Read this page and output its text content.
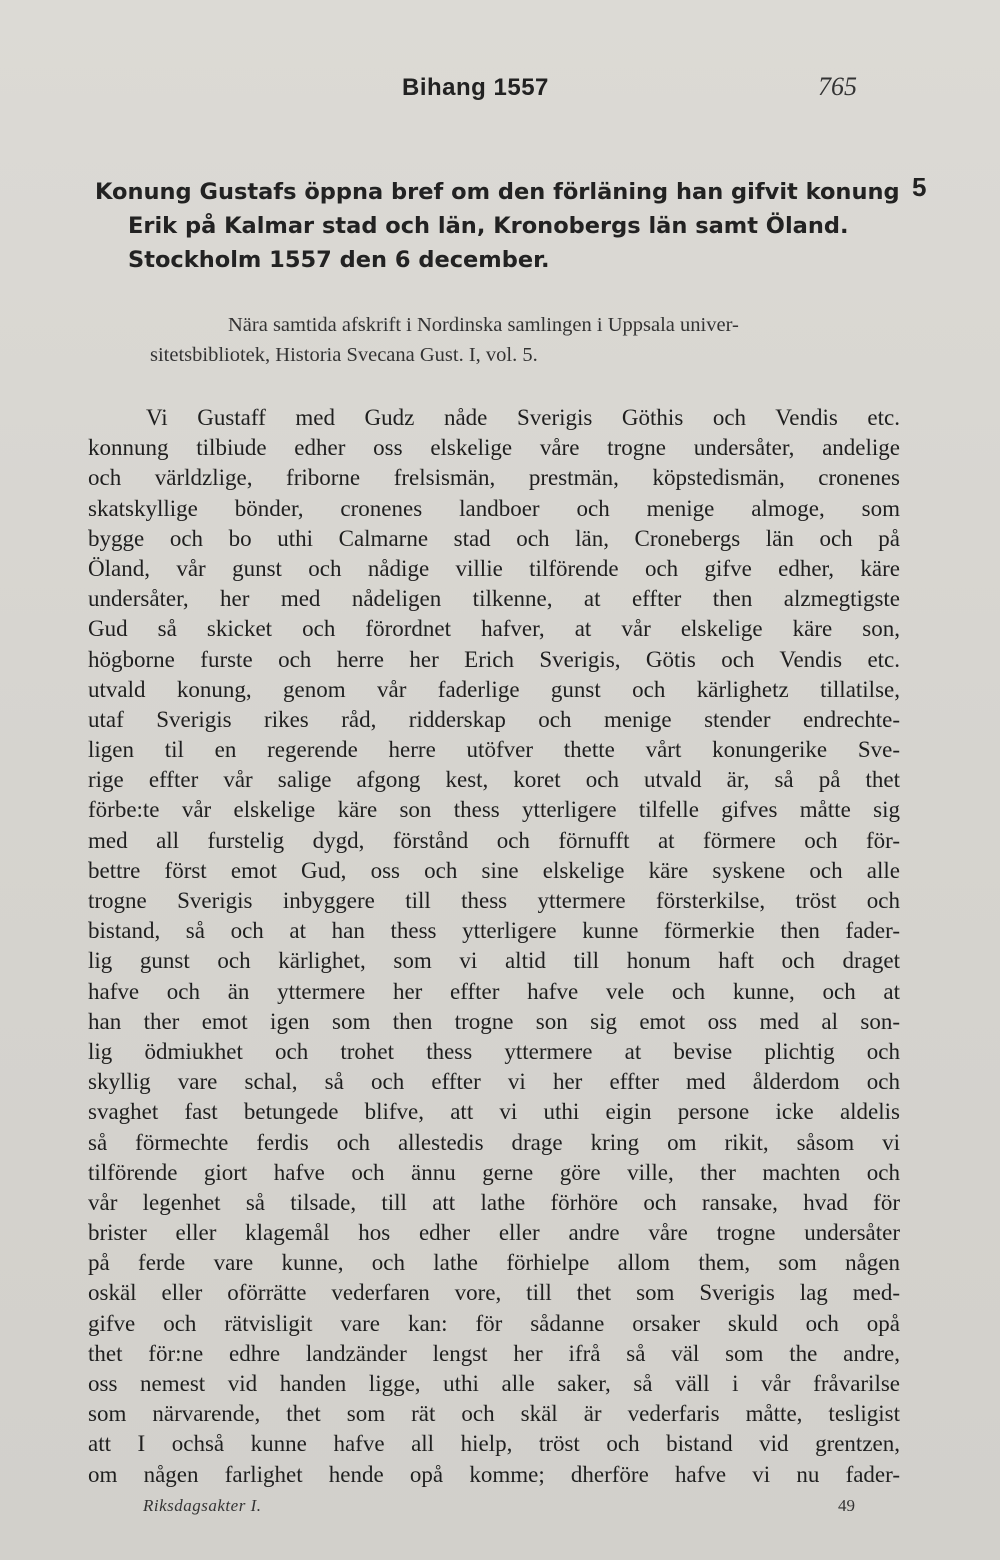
Bihang 1557	765
5
Konung Gustafs öppna bref om den förläning han gifvit konung
Erik på Kalmar stad och län, Kronobergs län samt Öland.
Stockholm 1557 den 6 december.
Nära samtida afskrift i Nordinska samlingen i Uppsala univer-
sitetsbibliotek, Historia Svecana Gust. I, vol. 5.
Vi Gustaff med Gudz nåde Sverigis Göthis och Vendis etc.
konnung tilbiude edher oss elskelige våre trogne undersåter, andelige
och världzlige, friborne frelsismän, prestmän, köpstedismän, cronenes
skatskyllige bönder, cronenes landboer och menige almoge, som
bygge och bo uthi Calmarne stad och län, Cronebergs län och på
Öland, vår gunst och nådige villie tilförende och gifve edher, käre
undersåter, her med nådeligen tilkenne, at effter then alzmegtigste
Gud så skicket och förordnet hafver, at vår elskelige käre son,
högborne furste och herre her Erich Sverigis, Götis och Vendis etc.
utvald konung, genom vår faderlige gunst och kärlighetz tillatilse,
utaf Sverigis rikes råd, ridderskap och menige stender endrechte-
ligen til en regerende herre utöfver thette vårt konungerike Sve-
rige effter vår salige afgong kest, koret och utvald är, så på thet
förbe:te vår elskelige käre son thess ytterligere tilfelle gifves måtte sig
med all furstelig dygd, förstånd och förnufft at förmere och för-
bettre först emot Gud, oss och sine elskelige käre syskene och alle
trogne Sverigis inbyggere till thess yttermere försterkilse, tröst och
bistand, så och at han thess ytterligere kunne förmerkie then fader-
lig gunst och kärlighet, som vi altid till honum haft och draget
hafve och än yttermere her effter hafve vele och kunne, och at
han ther emot igen som then trogne son sig emot oss med al son-
lig ödmiukhet och trohet thess yttermere at bevise plichtig och
skyllig vare schal, så och effter vi her effter med ålderdom och
svaghet fast betungede blifve, att vi uthi eigin persone icke aldelis
så förmechte ferdis och allestedis drage kring om rikit, såsom vi
tilförende giort hafve och ännu gerne göre ville, ther machten och
vår legenhet så tilsade, till att lathe förhöre och ransake, hvad för
brister eller klagemål hos edher eller andre våre trogne undersåter
på ferde vare kunne, och lathe förhielpe allom them, som någen
oskäl eller oförrätte vederfaren vore, till thet som Sverigis lag med-
gifve och rätvisligit vare kan: för sådanne orsaker skuld och opå
thet för:ne edhre landzänder lengst her ifrå så väl som the andre,
oss nemest vid handen ligge, uthi alle saker, så väll i vår fråvarilse
som närvarende, thet som rät och skäl är vederfaris måtte, tesligist
att I ochså kunne hafve all hielp, tröst och bistand vid grentzen,
om någen farlighet hende opå komme; dherföre hafve vi nu fader-
Riksdagsakter I.	49
